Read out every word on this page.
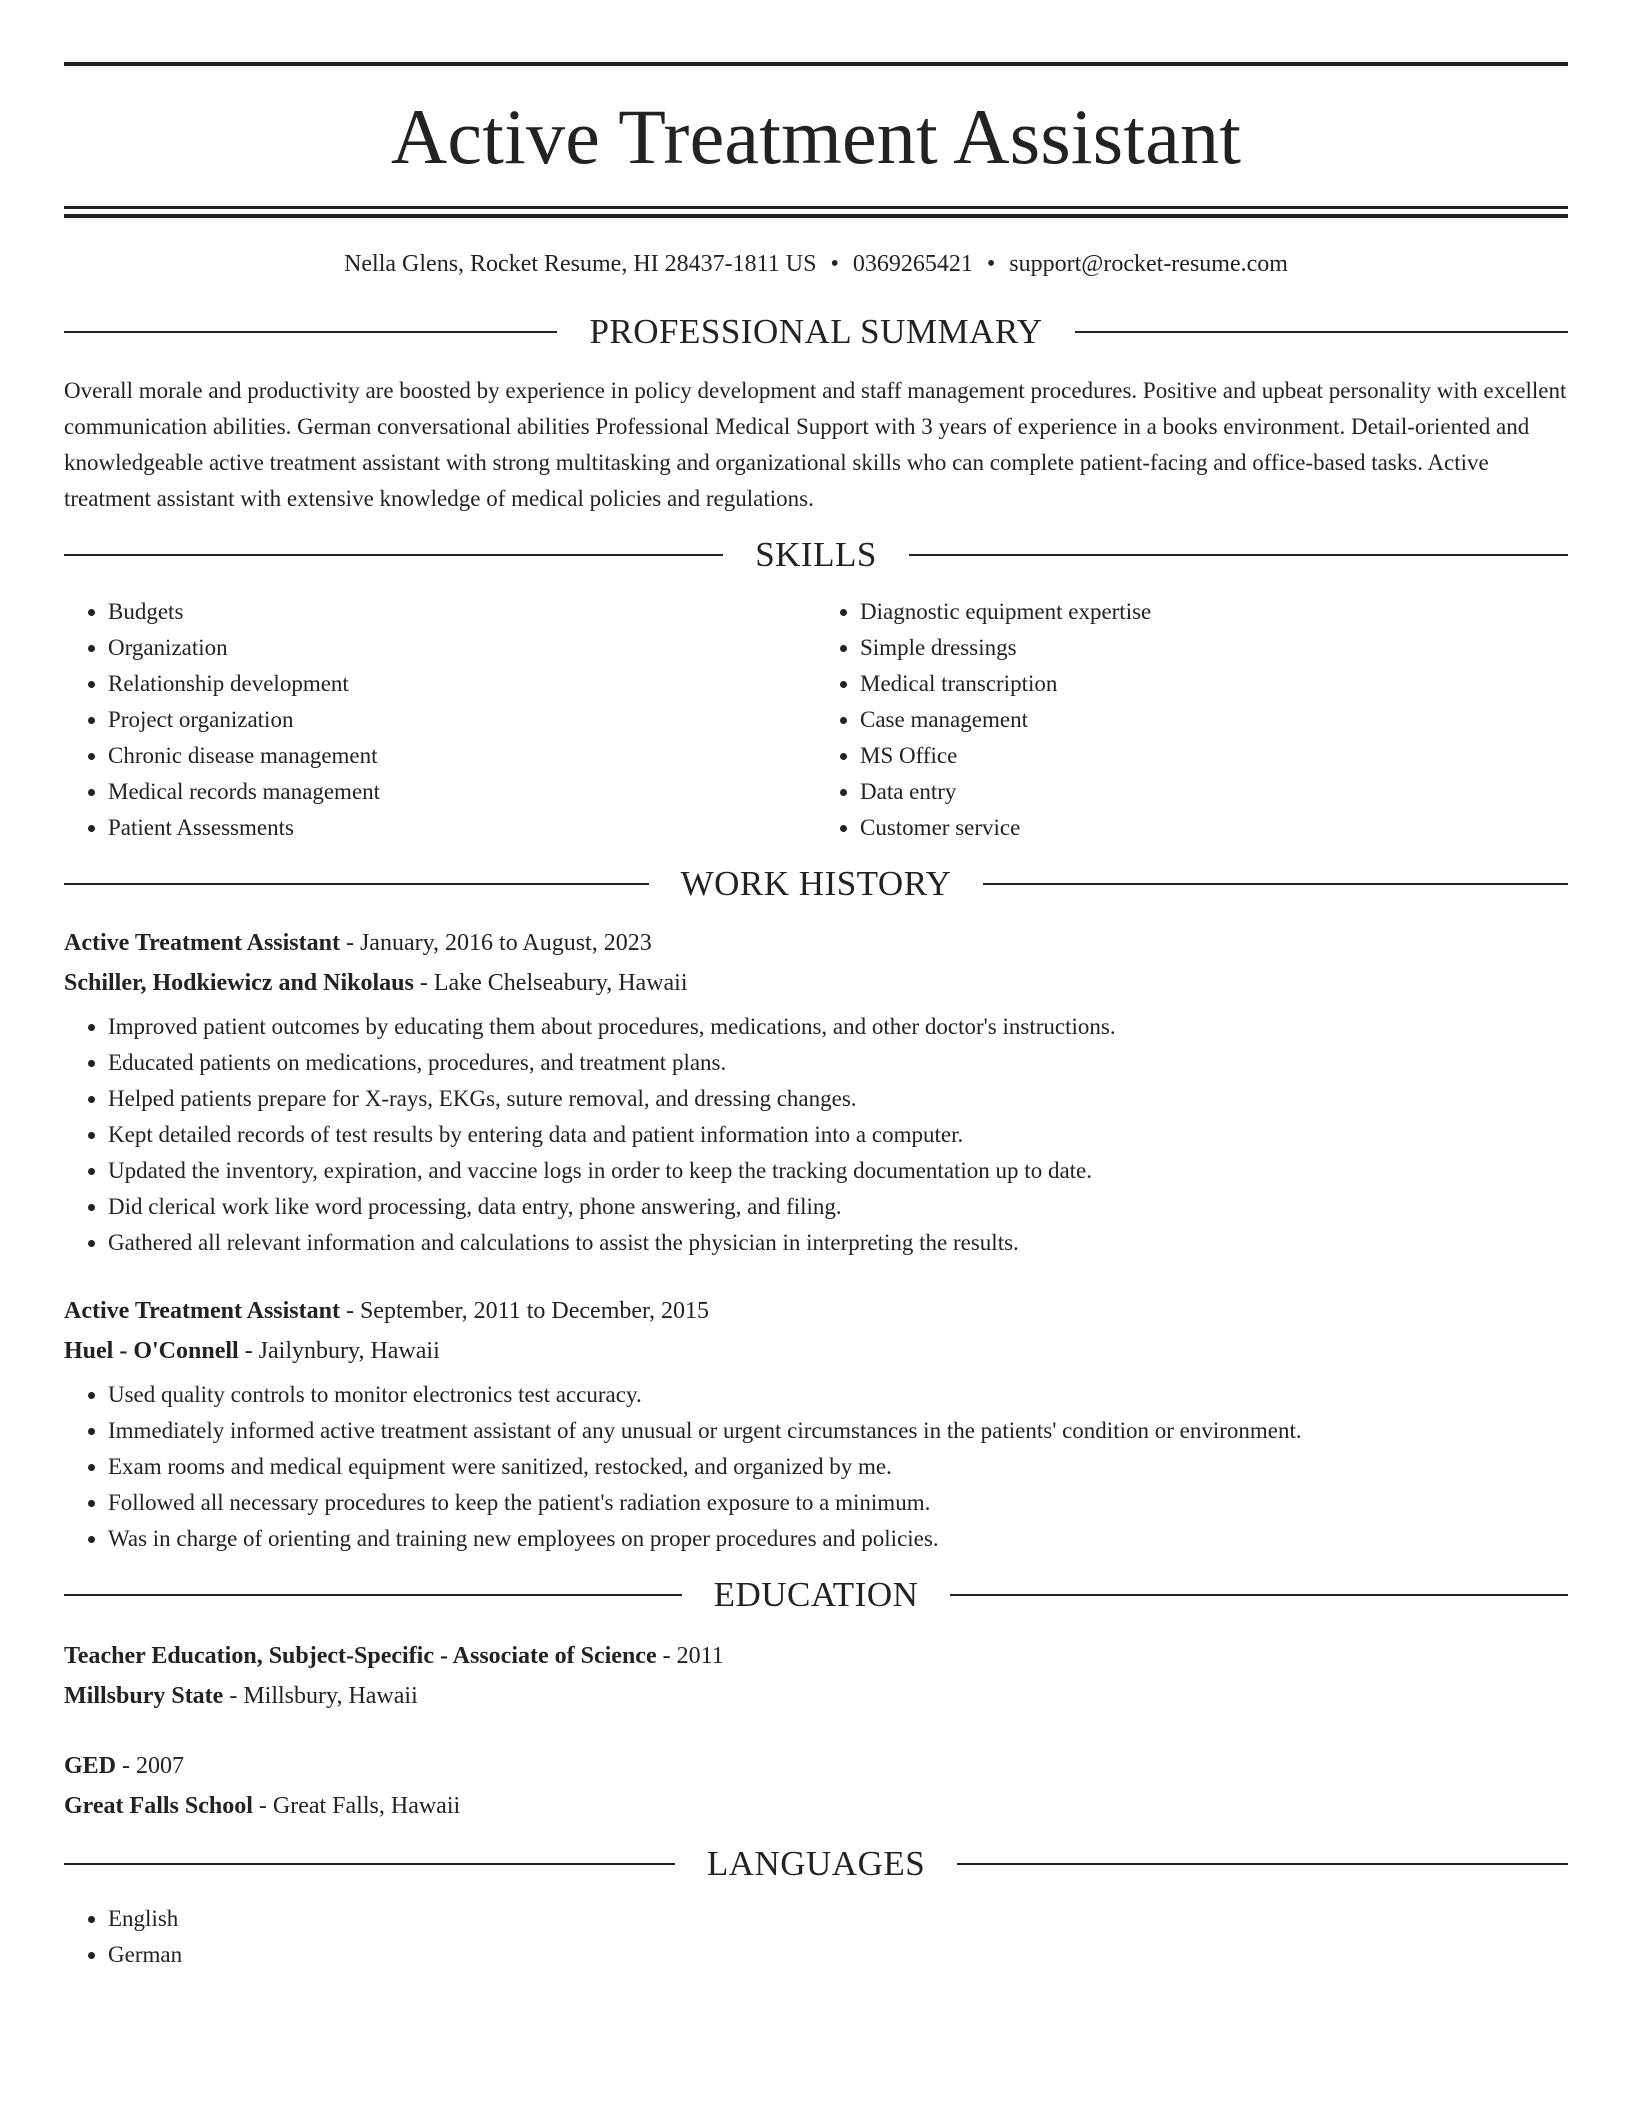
Active Treatment Assistant
Nella Glens, Rocket Resume, HI 28437-1811 US • 0369265421 • support@rocket-resume.com
PROFESSIONAL SUMMARY

Overall morale and productivity are boosted by experience in policy development and staff management procedures. Positive and upbeat personality with excellent communication abilities. German conversational abilities Professional Medical Support with 3 years of experience in a books environment. Detail-oriented and knowledgeable active treatment assistant with strong multitasking and organizational skills who can complete patient-facing and office-based tasks. Active treatment assistant with extensive knowledge of medical policies and regulations.

SKILLS
• Budgets
• Organization
• Relationship development
• Project organization
• Chronic disease management
• Medical records management
• Patient Assessments
• Diagnostic equipment expertise
• Simple dressings
• Medical transcription
• Case management
• MS Office
• Data entry
• Customer service
WORK HISTORY
Active Treatment Assistant - January, 2016 to August, 2023
Schiller, Hodkiewicz and Nikolaus - Lake Chelseabury, Hawaii
• Improved patient outcomes by educating them about procedures, medications, and other doctor's instructions.
• Educated patients on medications, procedures, and treatment plans.
• Helped patients prepare for X-rays, EKGs, suture removal, and dressing changes.
• Kept detailed records of test results by entering data and patient information into a computer.
• Updated the inventory, expiration, and vaccine logs in order to keep the tracking documentation up to date.
• Did clerical work like word processing, data entry, phone answering, and filing.
• Gathered all relevant information and calculations to assist the physician in interpreting the results.
Active Treatment Assistant - September, 2011 to December, 2015
Huel - O'Connell - Jailynbury, Hawaii
• Used quality controls to monitor electronics test accuracy.
• Immediately informed active treatment assistant of any unusual or urgent circumstances in the patients' condition or environment.
• Exam rooms and medical equipment were sanitized, restocked, and organized by me.
• Followed all necessary procedures to keep the patient's radiation exposure to a minimum.
• Was in charge of orienting and training new employees on proper procedures and policies.
EDUCATION
Teacher Education, Subject-Specific - Associate of Science - 2011
Millsbury State - Millsbury, Hawaii
GED - 2007
Great Falls School - Great Falls, Hawaii
LANGUAGES
• English
• German
